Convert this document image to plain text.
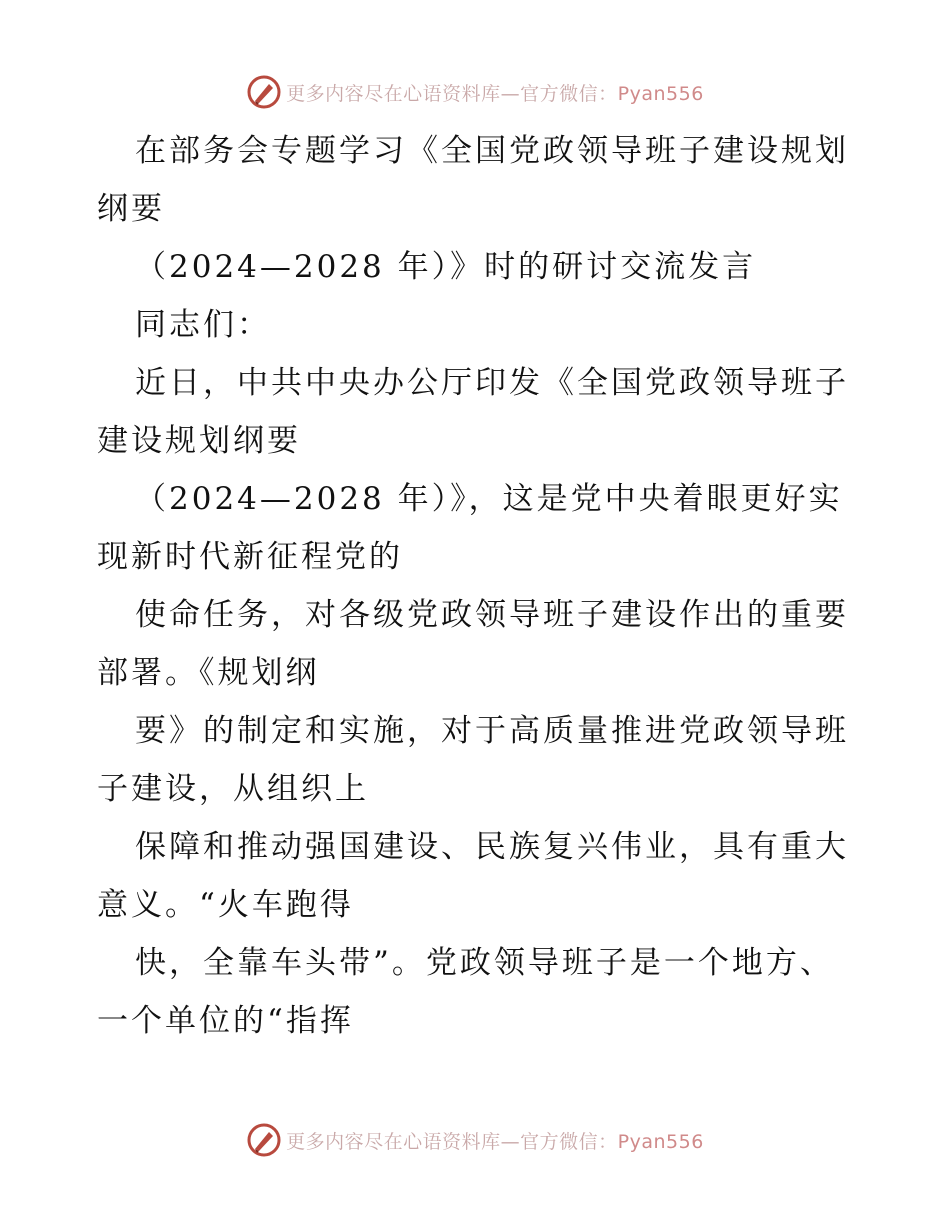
更多内容尽在心语资料库—官方微信：Pyan556
在部务会专题学习《全国党政领导班子建设规划
纲要
（2024—2028 年）》时的研讨交流发言
同志们：
近日，中共中央办公厅印发《全国党政领导班子
建设规划纲要
（2024—2028 年）》，这是党中央着眼更好实
现新时代新征程党的
使命任务，对各级党政领导班子建设作出的重要
部署。《规划纲
要》的制定和实施，对于高质量推进党政领导班
子建设，从组织上
保障和推动强国建设、民族复兴伟业，具有重大
意义。“火车跑得
快，全靠车头带”。党政领导班子是一个地方、
一个单位的“指挥
更多内容尽在心语资料库—官方微信：Pyan556
